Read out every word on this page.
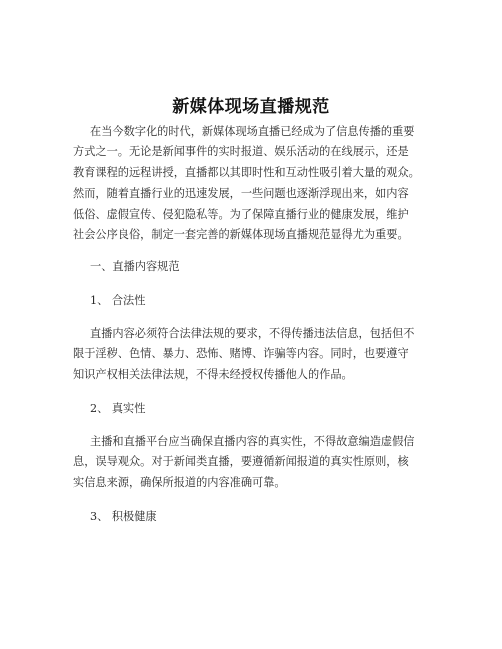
新媒体现场直播规范
在当今数字化的时代，新媒体现场直播已经成为了信息传播的重要
方式之一。无论是新闻事件的实时报道、娱乐活动的在线展示，还是
教育课程的远程讲授，直播都以其即时性和互动性吸引着大量的观众。
然而，随着直播行业的迅速发展，一些问题也逐渐浮现出来，如内容
低俗、虚假宣传、侵犯隐私等。为了保障直播行业的健康发展，维护
社会公序良俗，制定一套完善的新媒体现场直播规范显得尤为重要。
一、直播内容规范
1、 合法性
直播内容必须符合法律法规的要求，不得传播违法信息，包括但不
限于淫秽、色情、暴力、恐怖、赌博、诈骗等内容。同时，也要遵守
知识产权相关法律法规，不得未经授权传播他人的作品。
2、 真实性
主播和直播平台应当确保直播内容的真实性，不得故意编造虚假信
息，误导观众。对于新闻类直播，要遵循新闻报道的真实性原则，核
实信息来源，确保所报道的内容准确可靠。
3、 积极健康
